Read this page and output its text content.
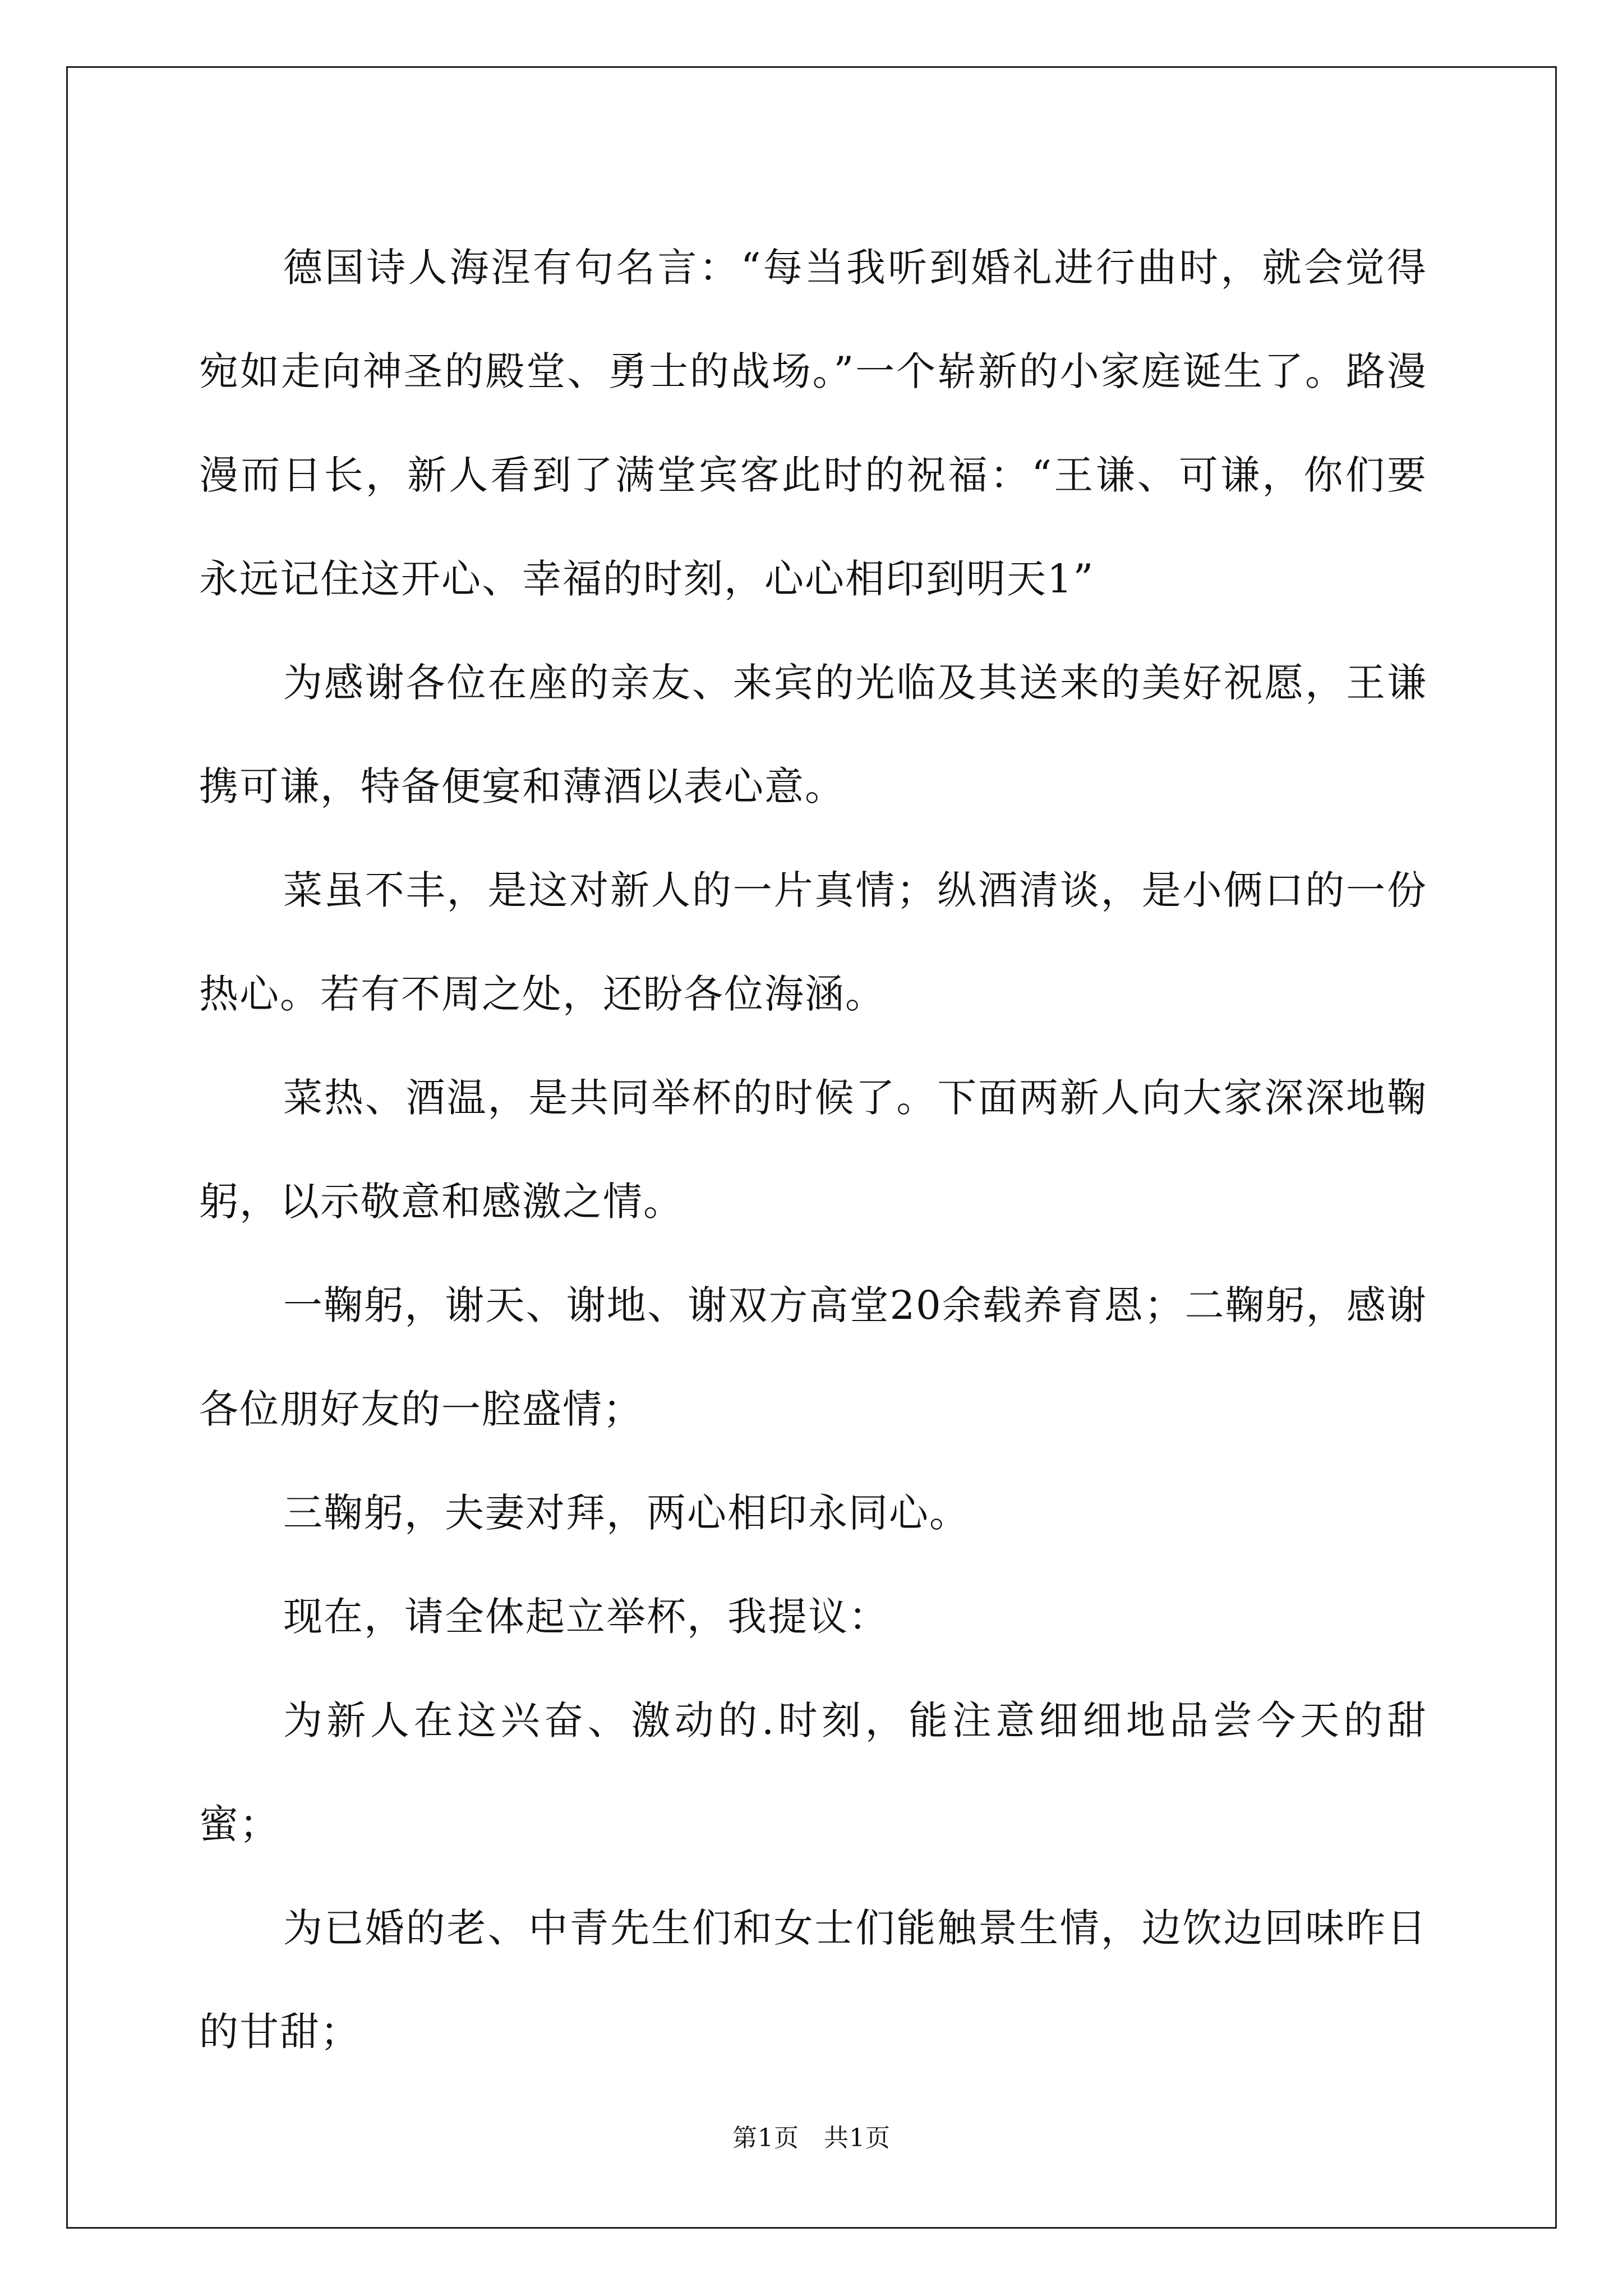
德国诗人海涅有句名言：“每当我听到婚礼进行曲时，就会觉得宛如走向神圣的殿堂、勇士的战场。”一个崭新的小家庭诞生了。路漫漫而日长，新人看到了满堂宾客此时的祝福：“王谦、可谦，你们要永远记住这开心、幸福的时刻，心心相印到明天1”

为感谢各位在座的亲友、来宾的光临及其送来的美好祝愿，王谦携可谦，特备便宴和薄酒以表心意。

菜虽不丰，是这对新人的一片真情；纵酒清谈，是小俩口的一份热心。若有不周之处，还盼各位海涵。

菜热、酒温，是共同举杯的时候了。下面两新人向大家深深地鞠躬，以示敬意和感激之情。

一鞠躬，谢天、谢地、谢双方高堂20余载养育恩；二鞠躬，感谢各位朋好友的一腔盛情；

三鞠躬，夫妻对拜，两心相印永同心。

现在，请全体起立举杯，我提议：

为新人在这兴奋、激动的.时刻，能注意细细地品尝今天的甜蜜；

为已婚的老、中青先生们和女士们能触景生情，边饮边回味昨日的甘甜；

第1页 共1页
